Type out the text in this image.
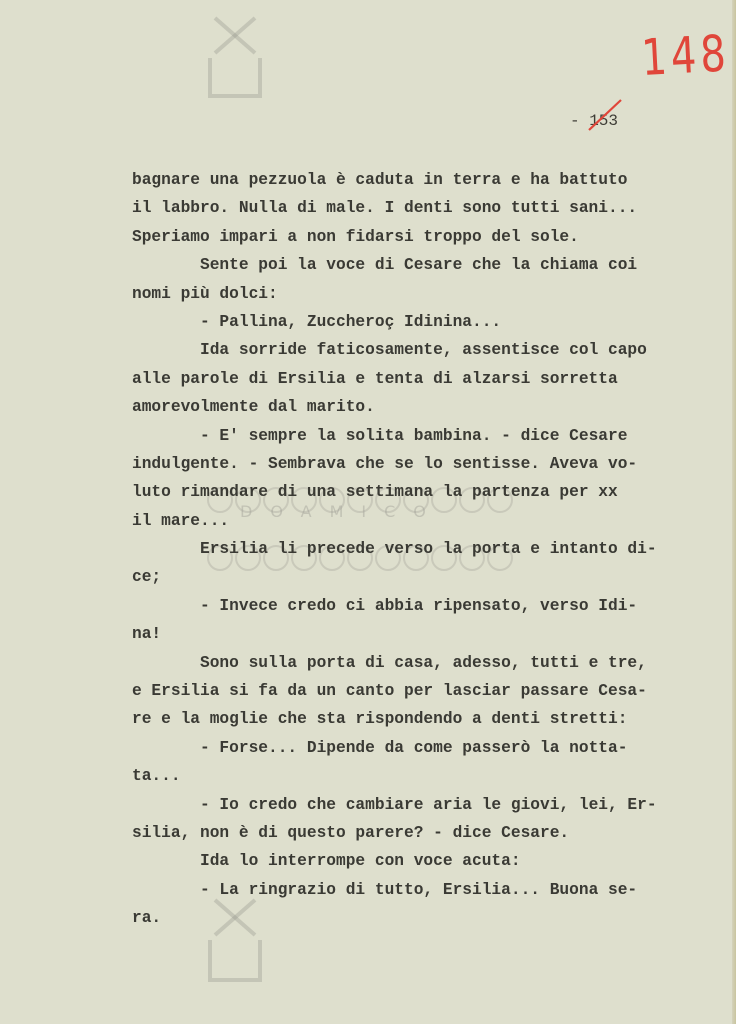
DOAMICO
148
- 153
bagnare una pezzuola è caduta in terra e ha battuto
il labbro. Nulla di male. I denti sono tutti sani...
Speriamo impari a non fidarsi troppo del sole.
Sente poi la voce di Cesare che la chiama coi
nomi più dolci:
- Pallina, Zuccheroç Idinina...
Ida sorride faticosamente, assentisce col capo
alle parole di Ersilia e tenta di alzarsi sorretta
amorevolmente dal marito.
- E' sempre la solita bambina. - dice Cesare
indulgente. - Sembrava che se lo sentisse. Aveva vo-
luto rimandare di una settimana la partenza per xx
il mare...
Ersilia li precede verso la porta e intanto di-
ce;
- Invece credo ci abbia ripensato, verso Idi-
na!
Sono sulla porta di casa, adesso, tutti e tre,
e Ersilia si fa da un canto per lasciar passare Cesa-
re e la moglie che sta rispondendo a denti stretti:
- Forse... Dipende da come passerò la notta-
ta...
- Io credo che cambiare aria le giovi, lei, Er-
silia, non è di questo parere? - dice Cesare.
Ida lo interrompe con voce acuta:
- La ringrazio di tutto, Ersilia... Buona se-
ra.
